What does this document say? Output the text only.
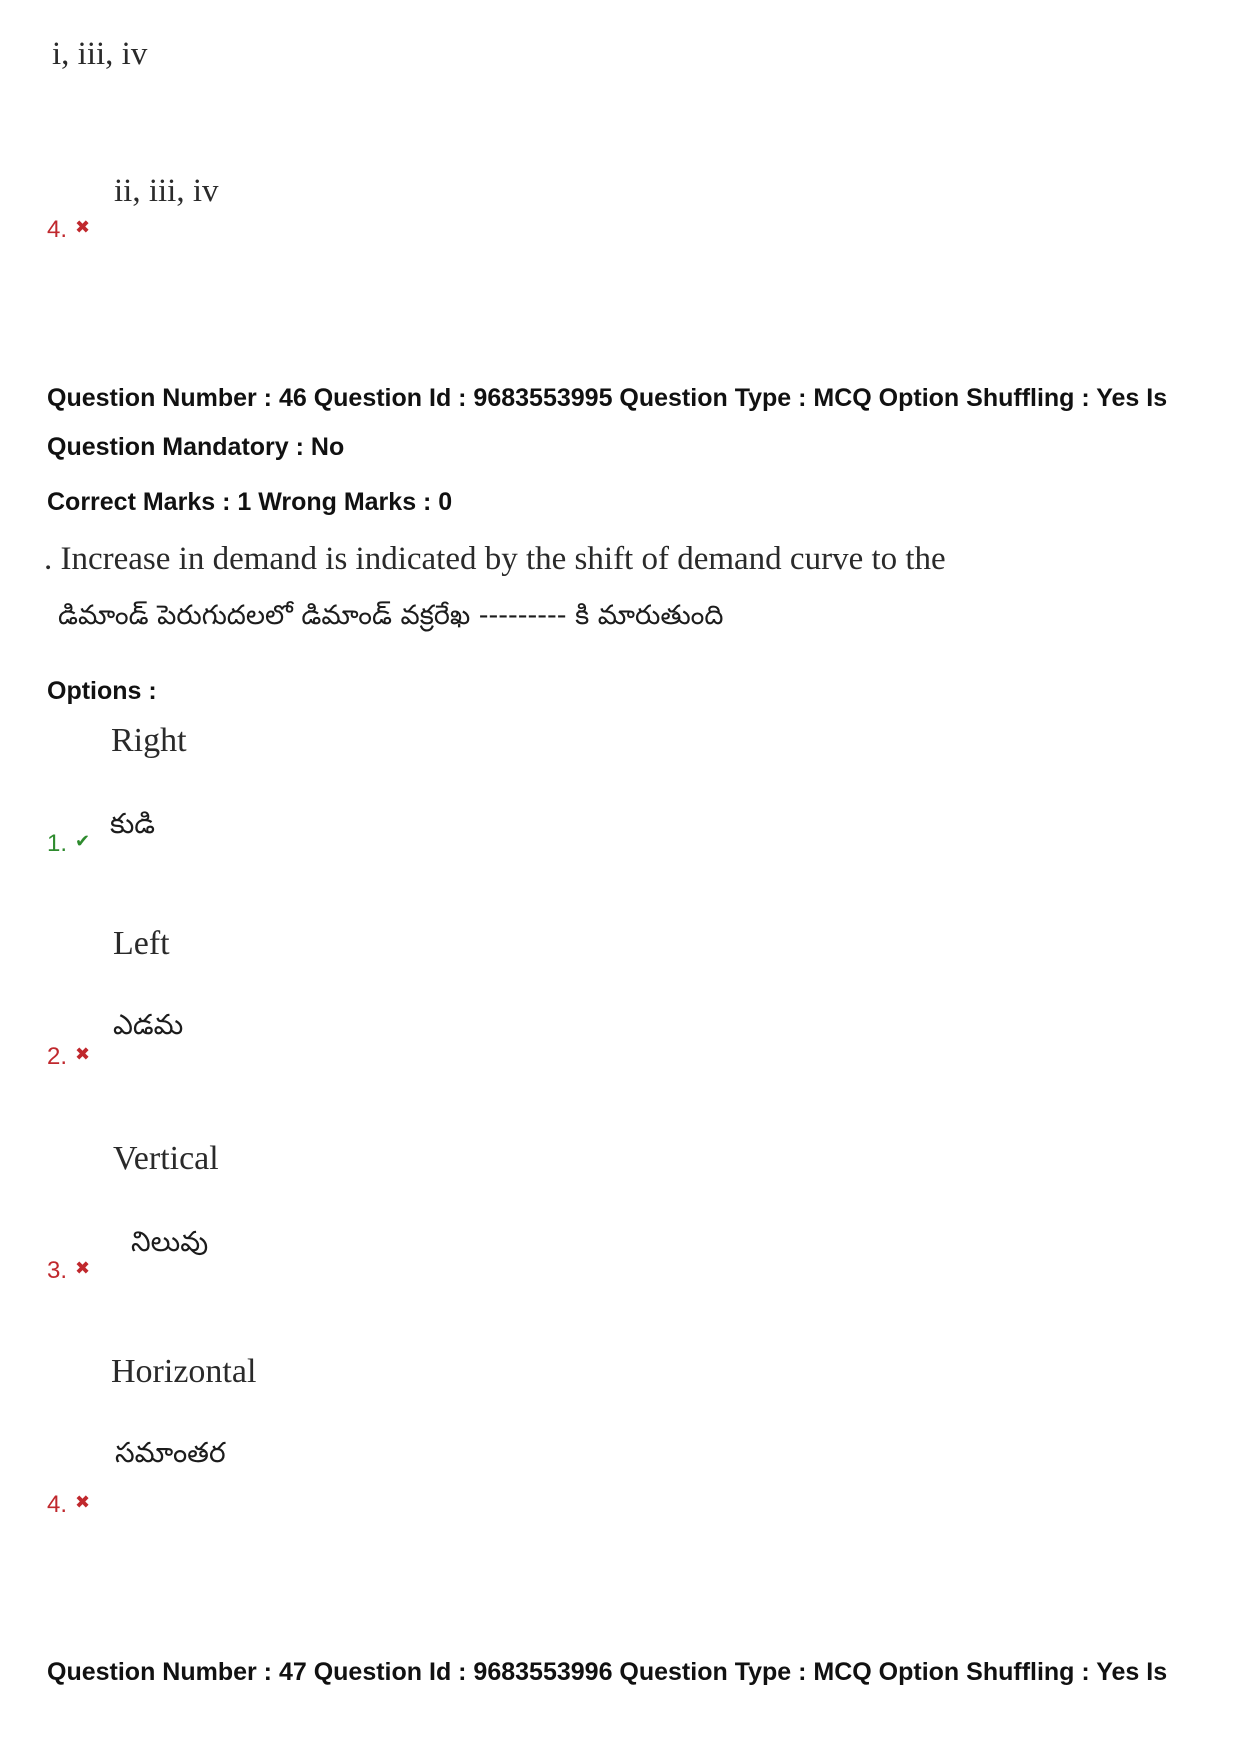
i, iii, iv
ii, iii, iv
4. ✖
Question Number : 46 Question Id : 9683553995 Question Type : MCQ Option Shuffling : Yes Is
Question Mandatory : No
Correct Marks : 1 Wrong Marks : 0
. Increase in demand is indicated by the shift of demand curve to the
డిమాండ్ పెరుగుదలలో డిమాండ్ వక్రరేఖ --------- కి మారుతుంది
Options :
Right
కుడి
1. ✔
Left
ఎడమ
2. ✖
Vertical
నిలువు
3. ✖
Horizontal
సమాంతర
4. ✖
Question Number : 47 Question Id : 9683553996 Question Type : MCQ Option Shuffling : Yes Is
